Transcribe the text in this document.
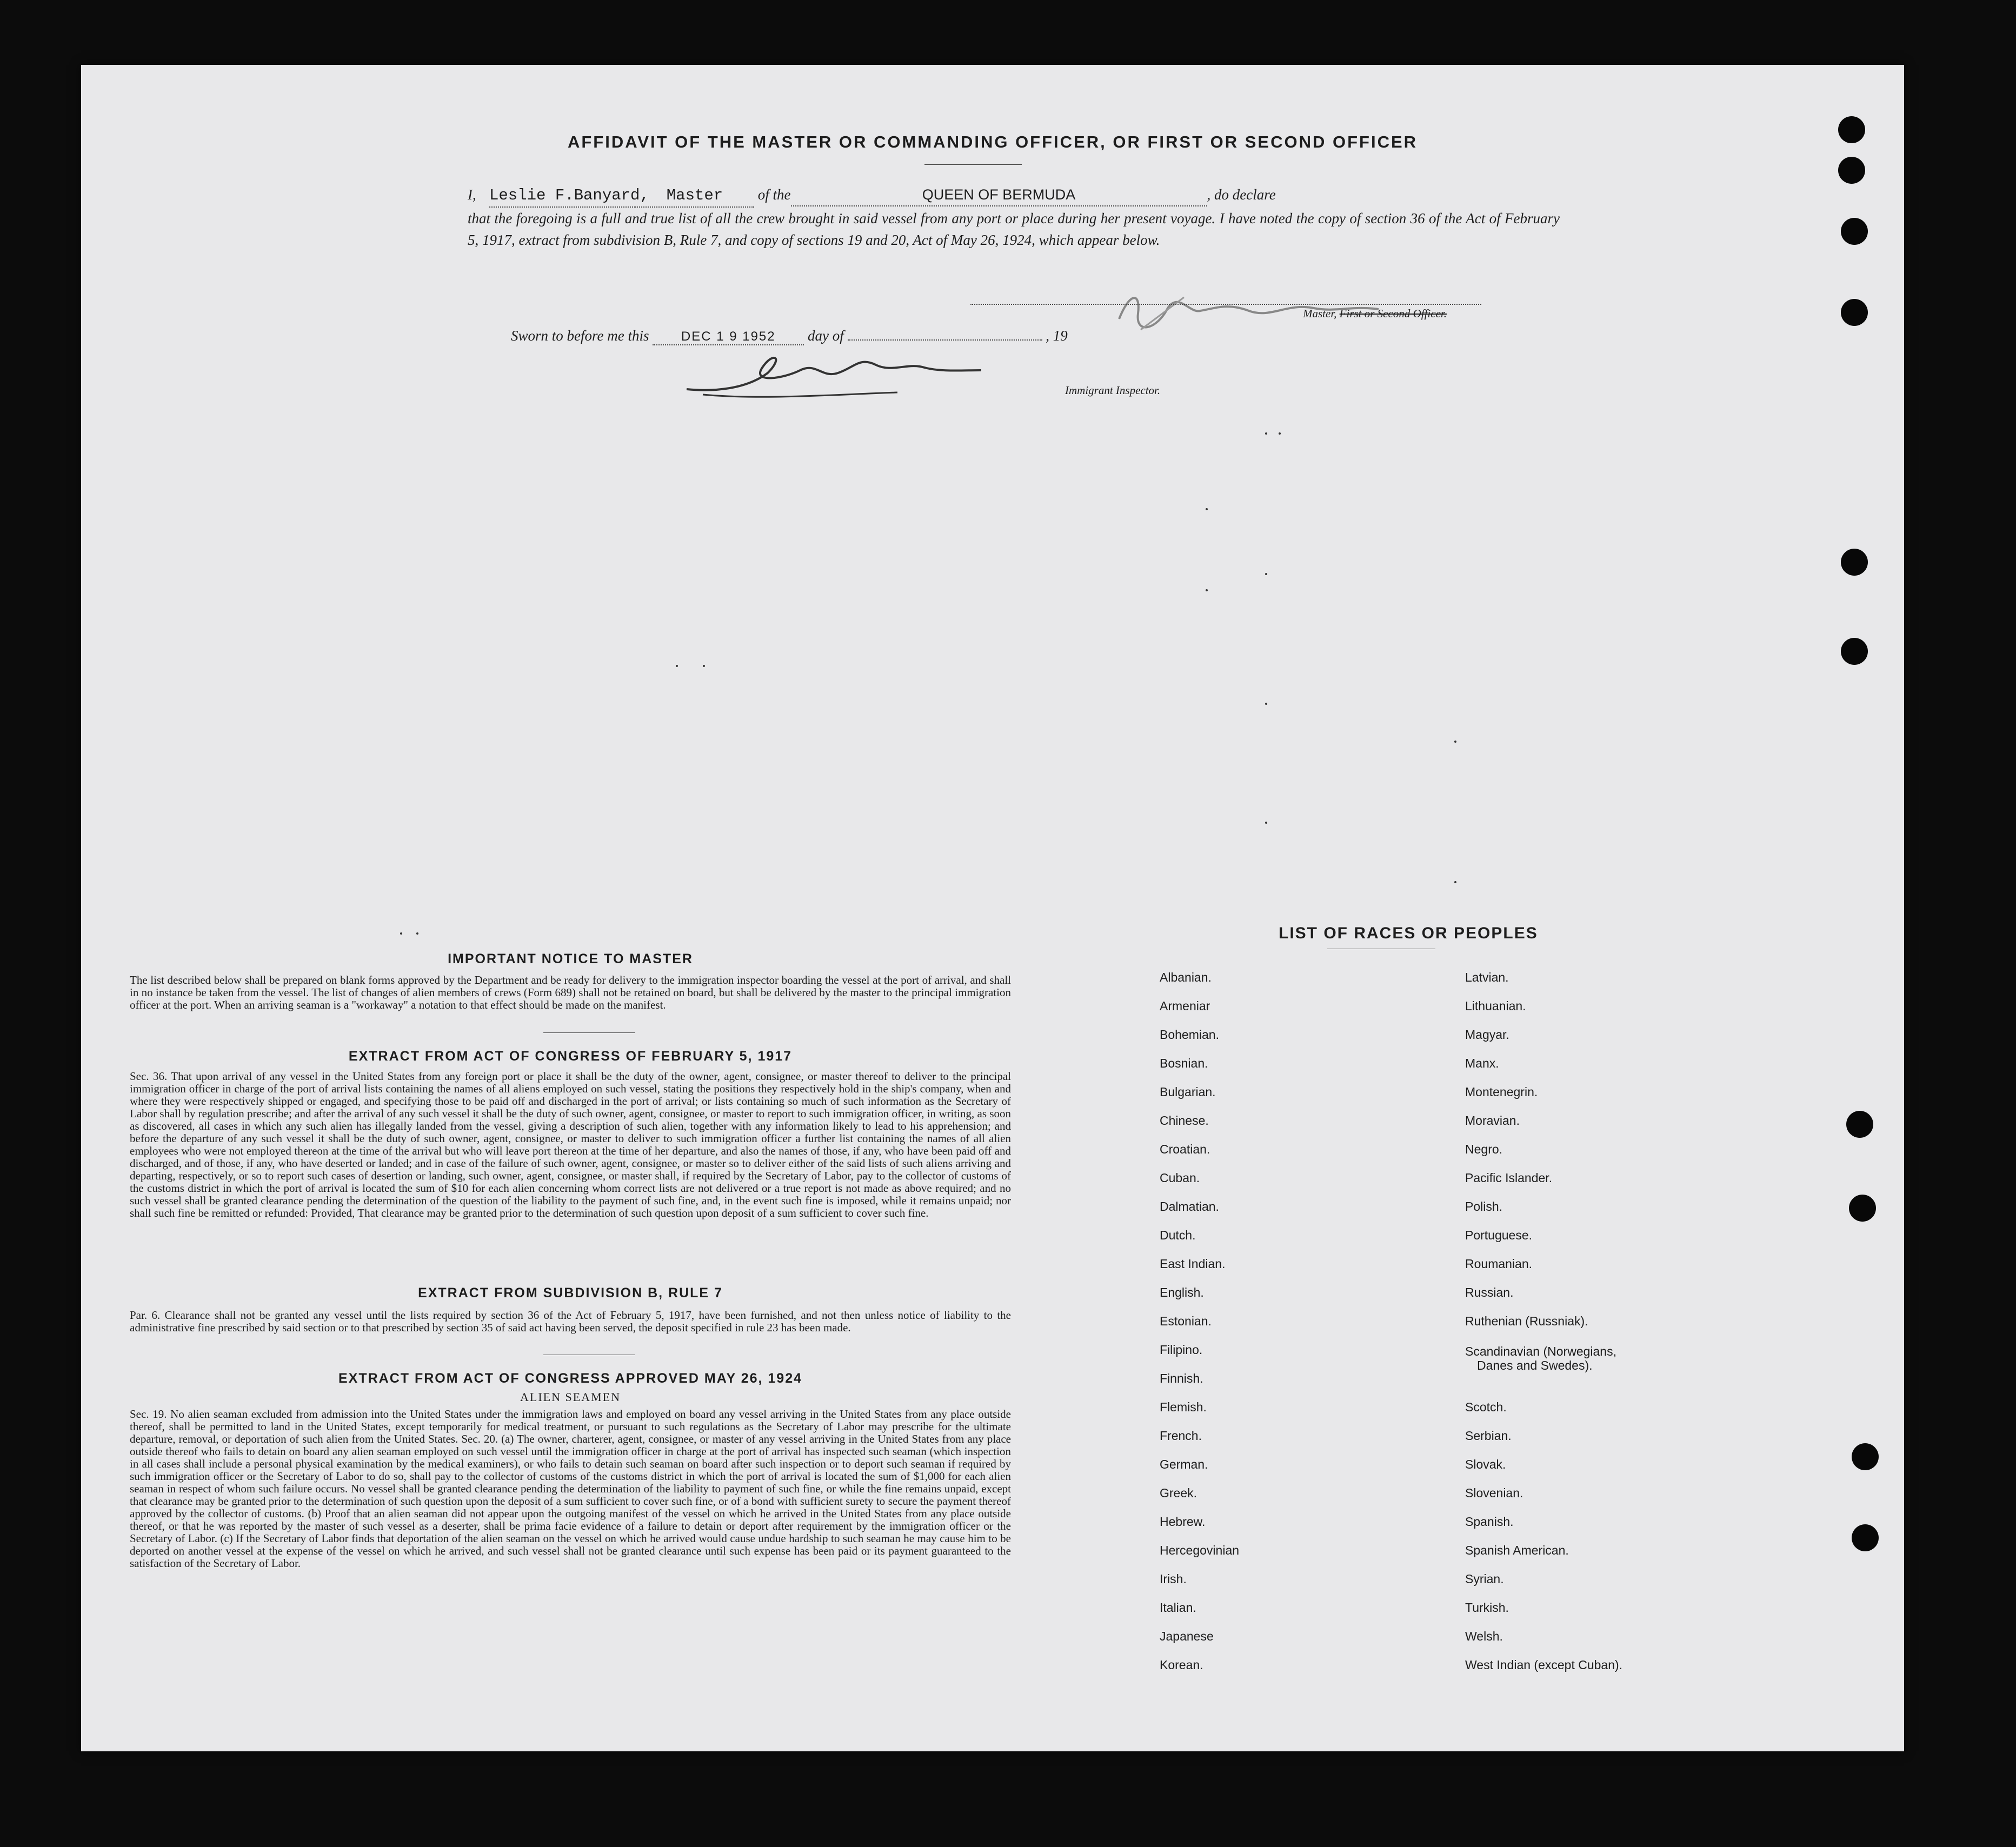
AFFIDAVIT OF THE MASTER OR COMMANDING OFFICER, OR FIRST OR SECOND OFFICER
I, Leslie F.Banyard, Master of the	QUEEN OF BERMUDA	, do declare
that the foregoing is a full and true list of all the crew brought in said vessel from any port or place during her present voyage. I have noted the copy of section 36 of the Act of February 5, 1917, extract from subdivision B, Rule 7, and copy of sections 19 and 20, Act of May 26, 1924, which appear below.
Master, First or Second Officer.
Sworn to before me this DEC 1 9 1952 day of	, 19
Immigrant Inspector.
IMPORTANT NOTICE TO MASTER
The list described below shall be prepared on blank forms approved by the Department and be ready for delivery to the immigration inspector boarding the vessel at the port of arrival, and shall in no instance be taken from the vessel. The list of changes of alien members of crews (Form 689) shall not be retained on board, but shall be delivered by the master to the principal immigration officer at the port. When an arriving seaman is a "workaway" a notation to that effect should be made on the manifest.
EXTRACT FROM ACT OF CONGRESS OF FEBRUARY 5, 1917
Sec. 36. That upon arrival of any vessel in the United States from any foreign port or place it shall be the duty of the owner, agent, consignee, or master thereof to deliver to the principal immigration officer in charge of the port of arrival lists containing the names of all aliens employed on such vessel, stating the positions they respectively hold in the ship's company, when and where they were respectively shipped or engaged, and specifying those to be paid off and discharged in the port of arrival; or lists containing so much of such information as the Secretary of Labor shall by regulation prescribe; and after the arrival of any such vessel it shall be the duty of such owner, agent, consignee, or master to report to such immigration officer, in writing, as soon as discovered, all cases in which any such alien has illegally landed from the vessel, giving a description of such alien, together with any information likely to lead to his apprehension; and before the departure of any such vessel it shall be the duty of such owner, agent, consignee, or master to deliver to such immigration officer a further list containing the names of all alien employees who were not employed thereon at the time of the arrival but who will leave port thereon at the time of her departure, and also the names of those, if any, who have been paid off and discharged, and of those, if any, who have deserted or landed; and in case of the failure of such owner, agent, consignee, or master so to deliver either of the said lists of such aliens arriving and departing, respectively, or so to report such cases of desertion or landing, such owner, agent, consignee, or master shall, if required by the Secretary of Labor, pay to the collector of customs of the customs district in which the port of arrival is located the sum of $10 for each alien concerning whom correct lists are not delivered or a true report is not made as above required; and no such vessel shall be granted clearance pending the determination of the question of the liability to the payment of such fine, and, in the event such fine is imposed, while it remains unpaid; nor shall such fine be remitted or refunded: Provided, That clearance may be granted prior to the determination of such question upon deposit of a sum sufficient to cover such fine.
EXTRACT FROM SUBDIVISION B, RULE 7
Par. 6. Clearance shall not be granted any vessel until the lists required by section 36 of the Act of February 5, 1917, have been furnished, and not then unless notice of liability to the administrative fine prescribed by said section or to that prescribed by section 35 of said act having been served, the deposit specified in rule 23 has been made.
EXTRACT FROM ACT OF CONGRESS APPROVED MAY 26, 1924
ALIEN SEAMEN
Sec. 19. No alien seaman excluded from admission into the United States under the immigration laws and employed on board any vessel arriving in the United States from any place outside thereof, shall be permitted to land in the United States, except temporarily for medical treatment, or pursuant to such regulations as the Secretary of Labor may prescribe for the ultimate departure, removal, or deportation of such alien from the United States. Sec. 20. (a) The owner, charterer, agent, consignee, or master of any vessel arriving in the United States from any place outside thereof who fails to detain on board any alien seaman employed on such vessel until the immigration officer in charge at the port of arrival has inspected such seaman (which inspection in all cases shall include a personal physical examination by the medical examiners), or who fails to detain such seaman on board after such inspection or to deport such seaman if required by such immigration officer or the Secretary of Labor to do so, shall pay to the collector of customs of the customs district in which the port of arrival is located the sum of $1,000 for each alien seaman in respect of whom such failure occurs. No vessel shall be granted clearance pending the determination of the liability to payment of such fine, or while the fine remains unpaid, except that clearance may be granted prior to the determination of such question upon the deposit of a sum sufficient to cover such fine, or of a bond with sufficient surety to secure the payment thereof approved by the collector of customs. (b) Proof that an alien seaman did not appear upon the outgoing manifest of the vessel on which he arrived in the United States from any place outside thereof, or that he was reported by the master of such vessel as a deserter, shall be prima facie evidence of a failure to detain or deport after requirement by the immigration officer or the Secretary of Labor. (c) If the Secretary of Labor finds that deportation of the alien seaman on the vessel on which he arrived would cause undue hardship to such seaman he may cause him to be deported on another vessel at the expense of the vessel on which he arrived, and such vessel shall not be granted clearance until such expense has been paid or its payment guaranteed to the satisfaction of the Secretary of Labor.
LIST OF RACES OR PEOPLES
Albanian.
Armeniar
Bohemian.
Bosnian.
Bulgarian.
Chinese.
Croatian.
Cuban.
Dalmatian.
Dutch.
East Indian.
English.
Estonian.
Filipino.
Finnish.
Flemish.
French.
German.
Greek.
Hebrew.
Hercegovinian
Irish.
Italian.
Japanese
Korean.
Latvian.
Lithuanian.
Magyar.
Manx.
Montenegrin.
Moravian.
Negro.
Pacific Islander.
Polish.
Portuguese.
Roumanian.
Russian.
Ruthenian (Russniak).
Scandinavian (Norwegians,
Danes and Swedes).
Scotch.
Serbian.
Slovak.
Slovenian.
Spanish.
Spanish American.
Syrian.
Turkish.
Welsh.
West Indian (except Cuban).
